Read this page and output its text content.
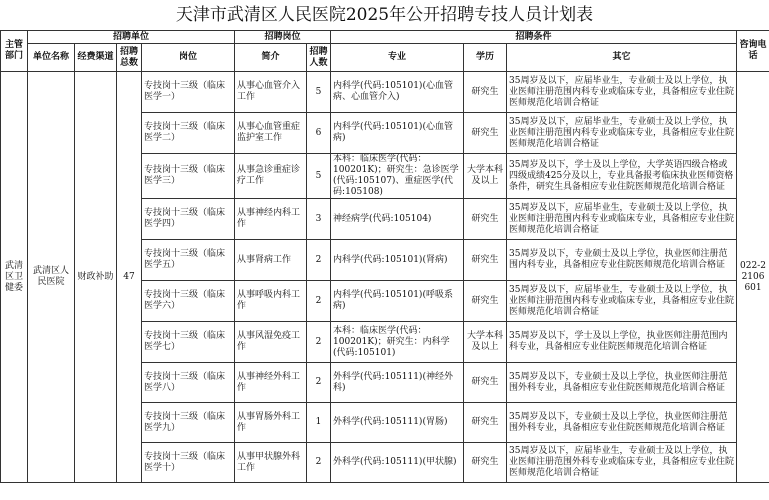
天津市武清区人民医院2025年公开招聘专技人员计划表
主管部门	招聘单位				招聘岗位		招聘条件			咨询电话
	单位名称	经费渠道	招聘总数	岗位	简介	招聘人数	专业	学历	其它	
武清区卫健委	武清区人民医院	财政补助	47	专技岗十三级（临床医学一）	从事心血管介入工作	5	内科学(代码:105101)(心血管病、心血管介入)	研究生	35周岁及以下，应届毕业生，专业硕士及以上学位，执业医师注册范围内科专业或临床专业，具备相应专业住院医师规范化培训合格证	022-22106601
				专技岗十三级（临床医学二）	从事心血管重症监护室工作	6	内科学(代码:105101)(心血管病)	研究生	35周岁及以下，应届毕业生，专业硕士及以上学位，执业医师注册范围内科专业或临床专业，具备相应专业住院医师规范化培训合格证	
				专技岗十三级（临床医学三）	从事急诊重症诊疗工作	5	本科：临床医学(代码：100201K)；研究生：急诊医学(代码:105107)、重症医学(代码:105108)	大学本科及以上	35周岁及以下，学士及以上学位，大学英语四级合格或四级成绩425分及以上，专业具备报考临床执业医师资格条件，研究生具备相应专业住院医师规范化培训合格证	
				专技岗十三级（临床医学四）	从事神经内科工作	3	神经病学(代码:105104)	研究生	35周岁及以下，应届毕业生，专业硕士及以上学位，执业医师注册范围内科专业或临床专业，具备相应专业住院医师规范化培训合格证	
				专技岗十三级（临床医学五）	从事肾病工作	2	内科学(代码:105101)(肾病)	研究生	35周岁及以下，专业硕士及以上学位，执业医师注册范围内科专业，具备相应专业住院医师规范化培训合格证	
				专技岗十三级（临床医学六）	从事呼吸内科工作	2	内科学(代码:105101)(呼吸系病)	研究生	35周岁及以下，应届毕业生，专业硕士及以上学位，执业医师注册范围内科专业或临床专业，具备相应专业住院医师规范化培训合格证	
				专技岗十三级（临床医学七）	从事风湿免疫工作	2	本科：临床医学(代码：100201K)；研究生：内科学(代码:105101)	大学本科及以上	35周岁及以下，学士及以上学位，执业医师注册范围内科专业，具备相应专业住院医师规范化培训合格证	
				专技岗十三级（临床医学八）	从事神经外科工作	2	外科学(代码:105111)(神经外科)	研究生	35周岁及以下，专业硕士及以上学位，执业医师注册范围外科专业，具备相应专业住院医师规范化培训合格证	
				专技岗十三级（临床医学九）	从事胃肠外科工作	1	外科学(代码:105111)(胃肠)	研究生	35周岁及以下，专业硕士及以上学位，执业医师注册范围外科专业，具备相应专业住院医师规范化培训合格证	
				专技岗十三级（临床医学十）	从事甲状腺外科工作	2	外科学(代码:105111)(甲状腺)	研究生	35周岁及以下，应届毕业生，专业硕士及以上学位，执业医师注册范围外科专业或临床专业，具备相应专业住院医师规范化培训合格证	
